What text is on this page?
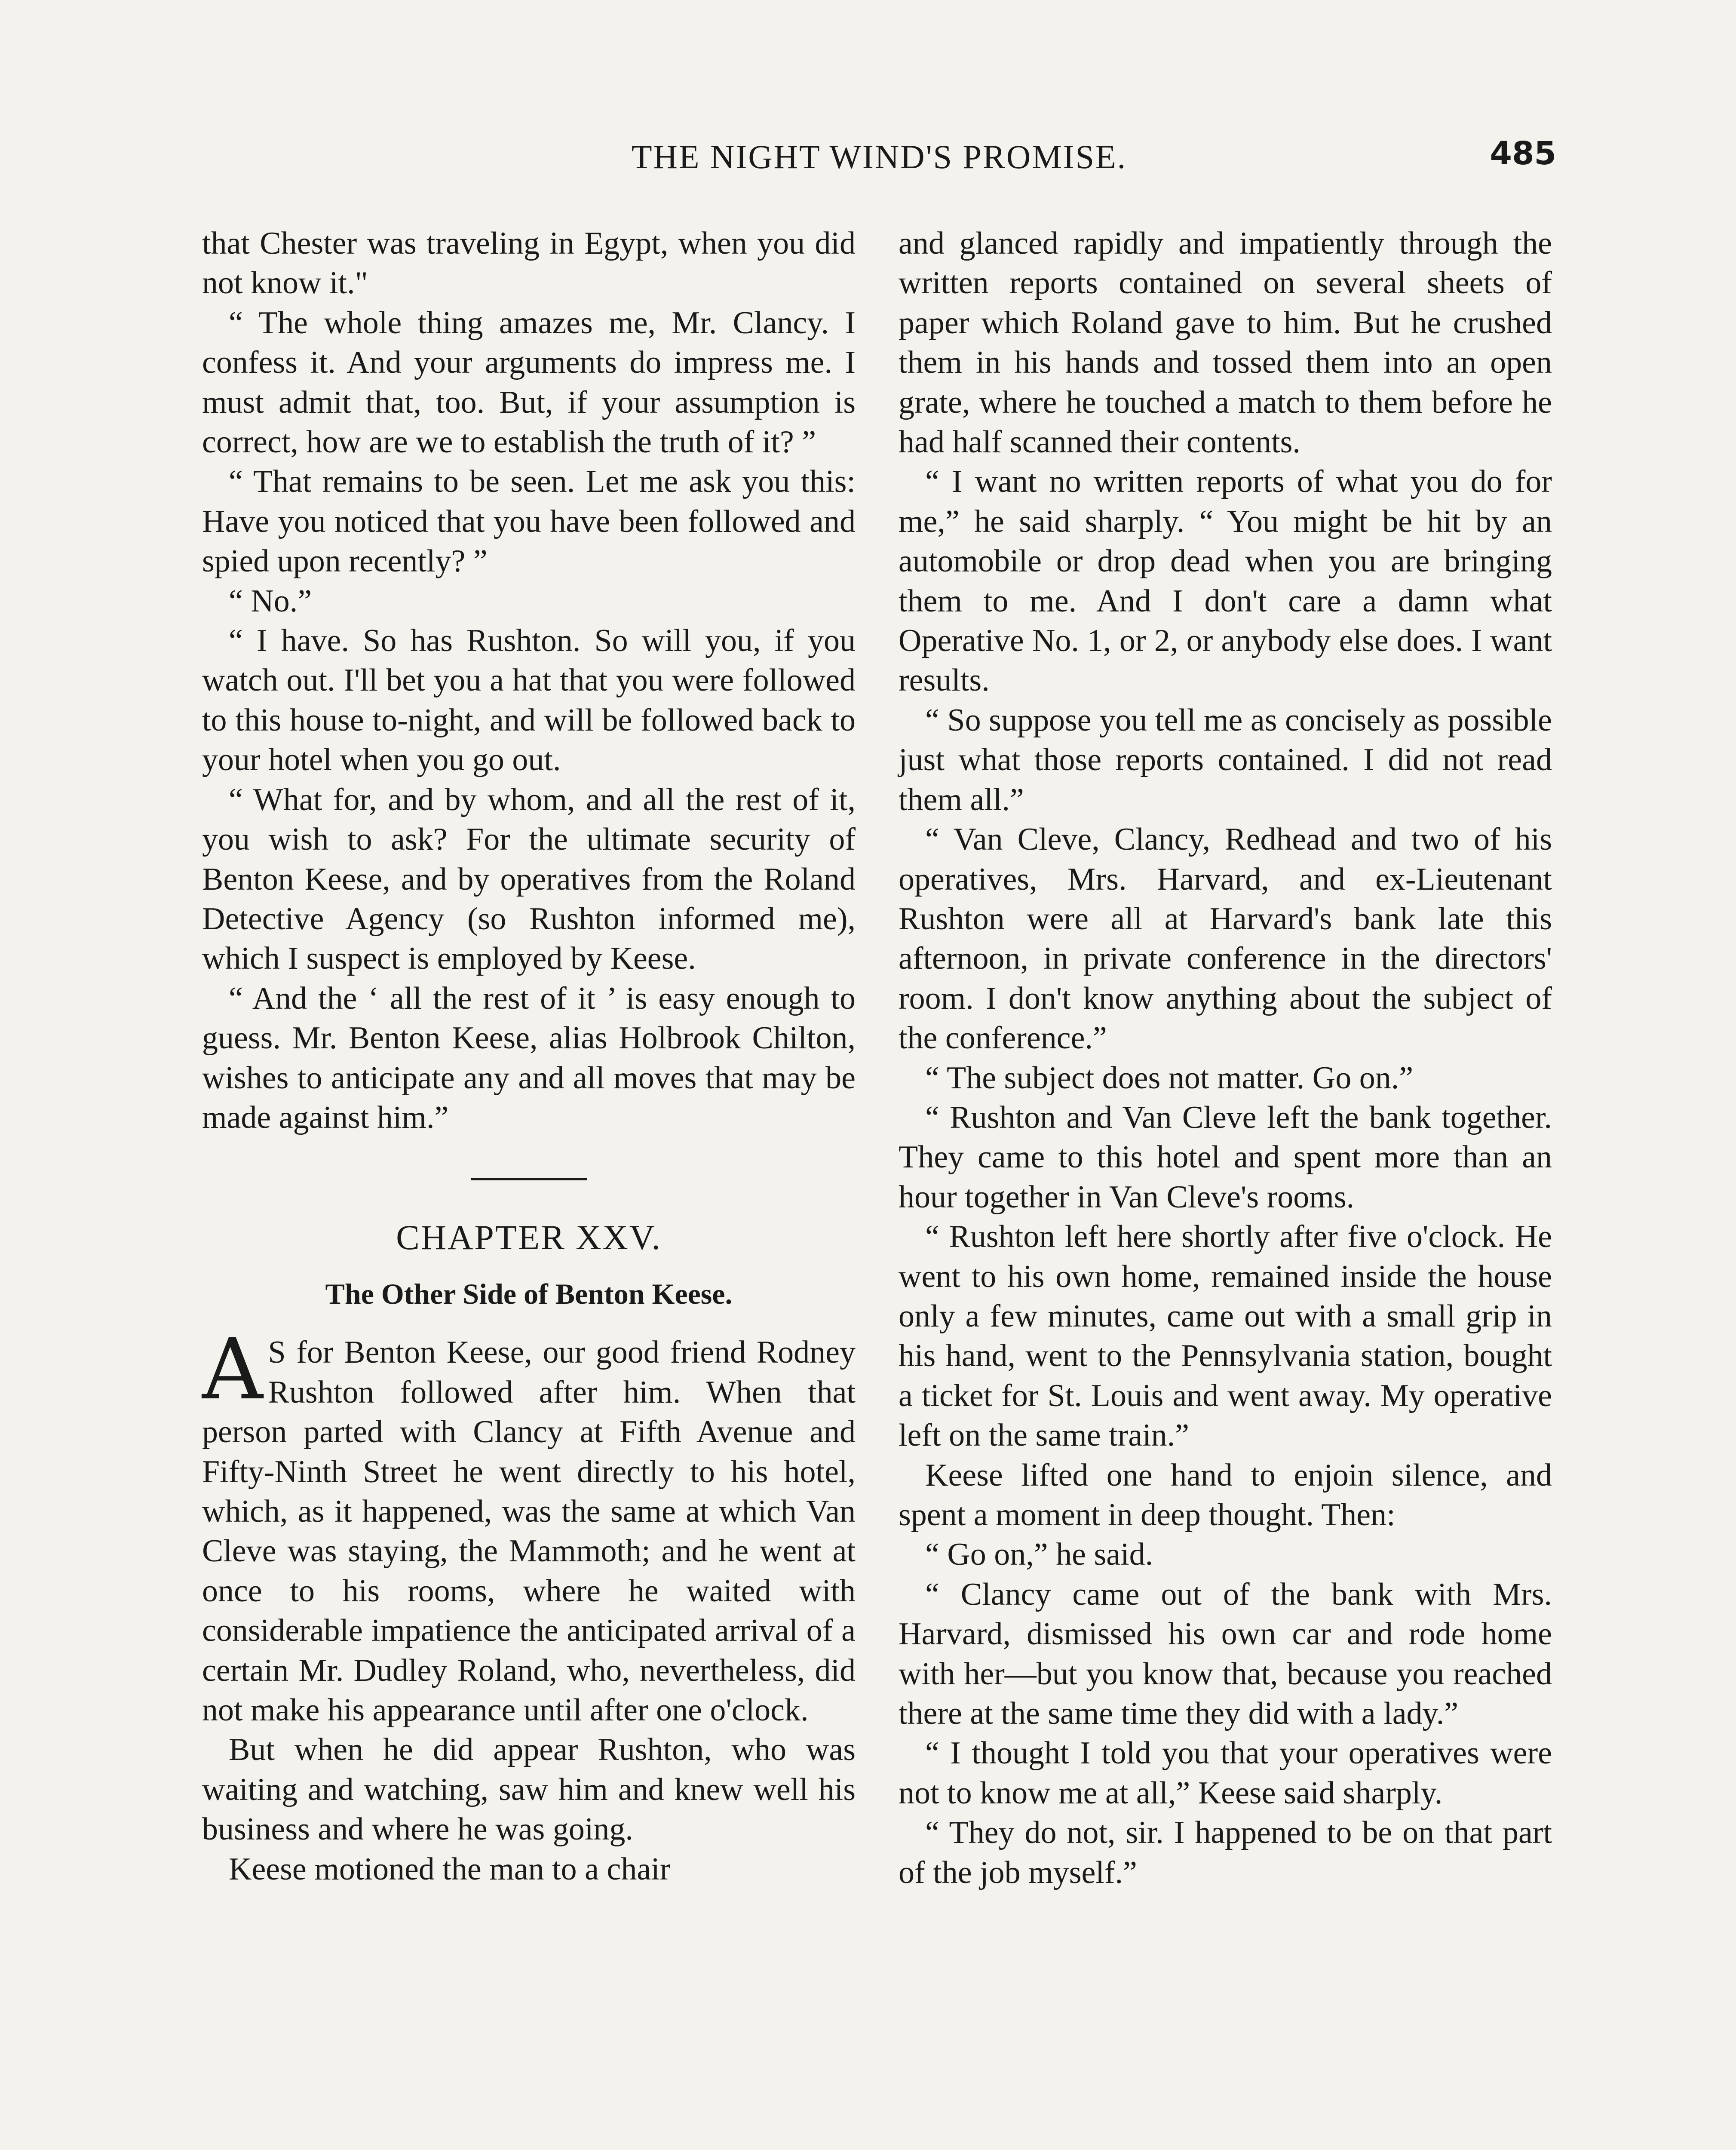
THE NIGHT WIND'S PROMISE.	485

that Chester was traveling in Egypt, when you did not know it."

“ The whole thing amazes me, Mr. Clancy. I confess it. And your arguments do impress me. I must admit that, too. But, if your assumption is correct, how are we to establish the truth of it? ”

“ That remains to be seen. Let me ask you this: Have you noticed that you have been followed and spied upon recently? ”

“ No.”

“ I have. So has Rushton. So will you, if you watch out. I'll bet you a hat that you were followed to this house to-night, and will be followed back to your hotel when you go out.

“ What for, and by whom, and all the rest of it, you wish to ask? For the ultimate security of Benton Keese, and by operatives from the Roland Detective Agency (so Rushton informed me), which I suspect is employed by Keese.

“ And the ‘ all the rest of it ’ is easy enough to guess. Mr. Benton Keese, alias Holbrook Chilton, wishes to anticipate any and all moves that may be made against him.”

CHAPTER XXV.
The Other Side of Benton Keese.

A S for Benton Keese, our good friend Rodney Rushton followed after him. When that person parted with Clancy at Fifth Avenue and Fifty-Ninth Street he went directly to his hotel, which, as it happened, was the same at which Van Cleve was staying, the Mammoth; and he went at once to his rooms, where he waited with considerable impatience the anticipated arrival of a certain Mr. Dudley Roland, who, nevertheless, did not make his appearance until after one o'clock.

But when he did appear Rushton, who was waiting and watching, saw him and knew well his business and where he was going.

Keese motioned the man to a chair

and glanced rapidly and impatiently through the written reports contained on several sheets of paper which Roland gave to him. But he crushed them in his hands and tossed them into an open grate, where he touched a match to them before he had half scanned their contents.

“ I want no written reports of what you do for me,” he said sharply. “ You might be hit by an automobile or drop dead when you are bringing them to me. And I don't care a damn what Operative No. 1, or 2, or anybody else does. I want results.

“ So suppose you tell me as concisely as possible just what those reports contained. I did not read them all.”

“ Van Cleve, Clancy, Redhead and two of his operatives, Mrs. Harvard, and ex-Lieutenant Rushton were all at Harvard's bank late this afternoon, in private conference in the directors' room. I don't know anything about the subject of the conference.”

“ The subject does not matter. Go on.”

“ Rushton and Van Cleve left the bank together. They came to this hotel and spent more than an hour together in Van Cleve's rooms.

“ Rushton left here shortly after five o'clock. He went to his own home, remained inside the house only a few minutes, came out with a small grip in his hand, went to the Pennsylvania station, bought a ticket for St. Louis and went away. My operative left on the same train.”

Keese lifted one hand to enjoin silence, and spent a moment in deep thought. Then:

“ Go on,” he said.

“ Clancy came out of the bank with Mrs. Harvard, dismissed his own car and rode home with her—but you know that, because you reached there at the same time they did with a lady.”

“ I thought I told you that your operatives were not to know me at all,” Keese said sharply.

“ They do not, sir. I happened to be on that part of the job myself.”
